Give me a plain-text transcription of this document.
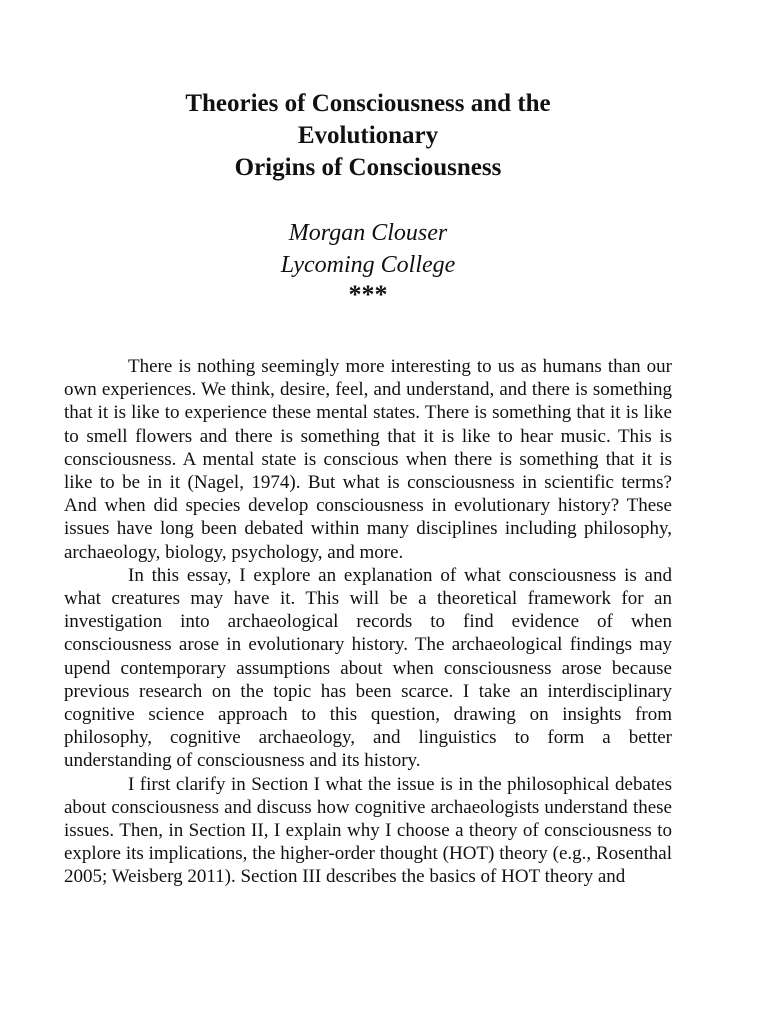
Theories of Consciousness and the
Evolutionary
Origins of Consciousness

Morgan Clouser

Lycoming College

***

There is nothing seemingly more interesting to us as humans than our own experiences. We think, desire, feel, and understand, and there is something that it is like to experience these mental states. There is something that it is like to smell flowers and there is something that it is like to hear music. This is consciousness. A mental state is conscious when there is something that it is like to be in it (Nagel, 1974). But what is consciousness in scientific terms? And when did species develop consciousness in evolutionary history? These issues have long been debated within many disciplines including philosophy, archaeology, biology, psychology, and more.

In this essay, I explore an explanation of what consciousness is and what creatures may have it. This will be a theoretical framework for an investigation into archaeological records to find evidence of when consciousness arose in evolutionary history. The archaeological findings may upend contemporary assumptions about when consciousness arose because previous research on the topic has been scarce. I take an interdisciplinary cognitive science approach to this question, drawing on insights from philosophy, cognitive archaeology, and linguistics to form a better understanding of consciousness and its history.

I first clarify in Section I what the issue is in the philosophical debates about consciousness and discuss how cognitive archaeologists understand these issues. Then, in Section II, I explain why I choose a theory of consciousness to explore its implications, the higher-order thought (HOT) theory (e.g., Rosenthal 2005; Weisberg 2011). Section III describes the basics of HOT theory and
